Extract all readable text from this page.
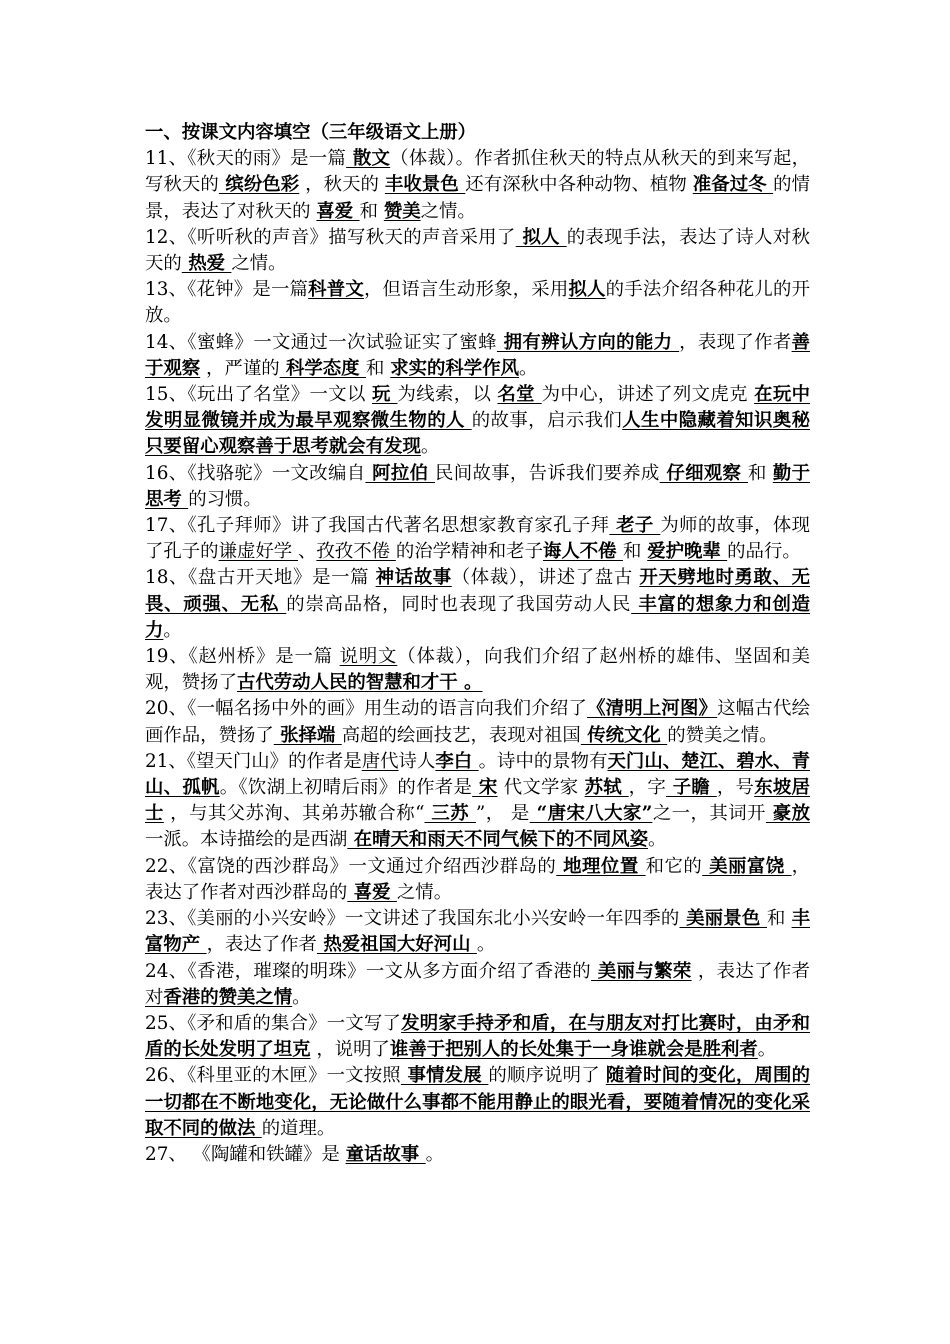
一、按课文内容填空（三年级语文上册）

11、《秋天的雨》是一篇 散文（体裁）。作者抓住秋天的特点从秋天的到来写起，写秋天的 缤纷色彩 ，秋天的 丰收景色 还有深秋中各种动物、植物 准备过冬 的情景，表达了对秋天的 喜爱 和 赞美之情。

12、《听听秋的声音》描写秋天的声音采用了 拟人 的表现手法，表达了诗人对秋天的 热爱 之情。

13、《花钟》是一篇科普文，但语言生动形象，采用拟人的手法介绍各种花儿的开放。

14、《蜜蜂》一文通过一次试验证实了蜜蜂 拥有辨认方向的能力 ，表现了作者善于观察 ，严谨的 科学态度 和 求实的科学作风。

15、《玩出了名堂》一文以 玩 为线索，以 名堂 为中心，讲述了列文虎克 在玩中发明显微镜并成为最早观察微生物的人 的故事，启示我们人生中隐藏着知识奥秘只要留心观察善于思考就会有发现。

16、《找骆驼》一文改编自 阿拉伯 民间故事，告诉我们要养成 仔细观察 和 勤于思考 的习惯。

17、《孔子拜师》讲了我国古代著名思想家教育家孔子拜 老子 为师的故事，体现了孔子的谦虚好学 、孜孜不倦 的治学精神和老子诲人不倦 和 爱护晚辈 的品行。

18、《盘古开天地》是一篇 神话故事（体裁），讲述了盘古 开天劈地时勇敢、无畏、顽强、无私 的崇高品格，同时也表现了我国劳动人民 丰富的想象力和创造力。

19、《赵州桥》是一篇 说明文（体裁），向我们介绍了赵州桥的雄伟、坚固和美观，赞扬了古代劳动人民的智慧和才干 。

20、《一幅名扬中外的画》用生动的语言向我们介绍了《清明上河图》这幅古代绘画作品，赞扬了 张择端 高超的绘画技艺，表现对祖国 传统文化 的赞美之情。

21、《望天门山》的作者是唐代诗人李白 。诗中的景物有天门山、楚江、碧水、青山、孤帆。《饮湖上初晴后雨》的作者是 宋 代文学家 苏轼 ，字 子瞻 ，号东坡居士 ，与其父苏洵、其弟苏辙合称“ 三苏 ”， 是 “唐宋八大家”之一，其词开 豪放 一派。本诗描绘的是西湖 在晴天和雨天不同气候下的不同风姿。

22、《富饶的西沙群岛》一文通过介绍西沙群岛的 地理位置 和它的 美丽富饶 ，表达了作者对西沙群岛的 喜爱 之情。

23、《美丽的小兴安岭》一文讲述了我国东北小兴安岭一年四季的 美丽景色 和 丰富物产 ，表达了作者 热爱祖国大好河山 。

24、《香港，璀璨的明珠》一文从多方面介绍了香港的 美丽与繁荣 ，表达了作者对香港的赞美之情。

25、《矛和盾的集合》一文写了发明家手持矛和盾，在与朋友对打比赛时，由矛和盾的长处发明了坦克 ，说明了谁善于把别人的长处集于一身谁就会是胜利者。

26、《科里亚的木匣》一文按照 事情发展 的顺序说明了 随着时间的变化，周围的一切都在不断地变化，无论做什么事都不能用静止的眼光看，要随着情况的变化采取不同的做法 的道理。

27、 《陶罐和铁罐》是 童话故事 。
